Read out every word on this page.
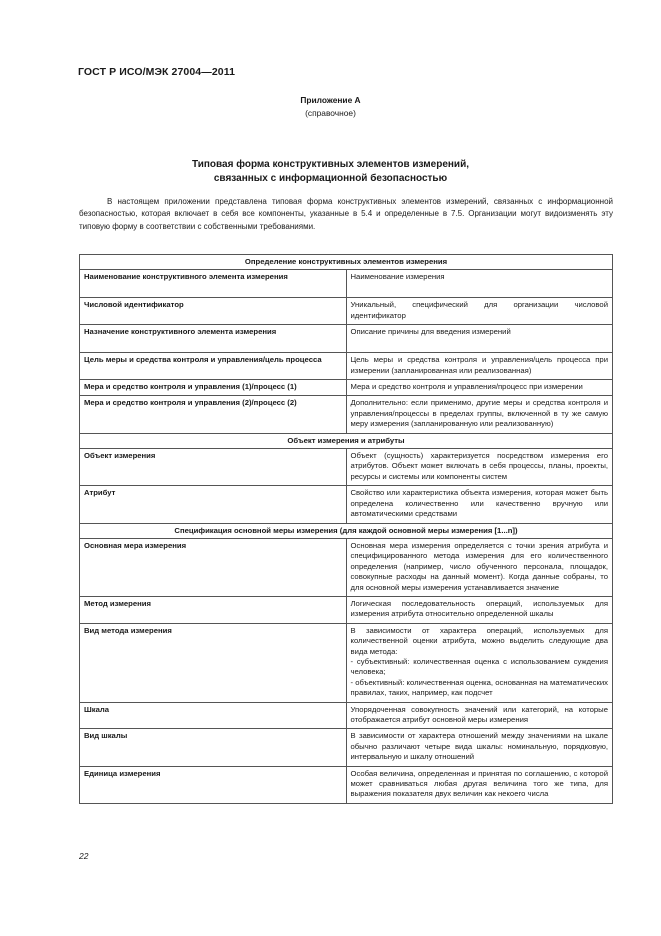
ГОСТ Р ИСО/МЭК 27004—2011
Приложение А
(справочное)
Типовая форма конструктивных элементов измерений,
связанных с информационной безопасностью
В настоящем приложении представлена типовая форма конструктивных элементов измерений, связанных с информационной безопасностью, которая включает в себя все компоненты, указанные в 5.4 и определенные в 7.5. Организации могут видоизменять эту типовую форму в соответствии с собственными требованиями.
Определение конструктивных элементов измерения	
Наименование конструктивного элемента измерения	Наименование измерения
Числовой идентификатор	Уникальный, специфический для организации числовой идентификатор
Назначение конструктивного элемента измерения	Описание причины для введения измерений
Цель меры и средства контроля и управления/цель процесса	Цель меры и средства контроля и управления/цель процесса при измерении (запланированная или реализованная)
Мера и средство контроля и управления (1)/процесс (1)	Мера и средство контроля и управления/процесс при измерении
Мера и средство контроля и управления (2)/процесс (2)	Дополнительно: если применимо, другие меры и средства контроля и управления/процессы в пределах группы, включенной в ту же самую меру измерения (запланированную или реализованную)
Объект измерения и атрибуты	
Объект измерения	Объект (сущность) характеризуется посредством измерения его атрибутов. Объект может включать в себя процессы, планы, проекты, ресурсы и системы или компоненты систем
Атрибут	Свойство или характеристика объекта измерения, которая может быть определена количественно или качественно вручную или автоматическими средствами
Спецификация основной меры измерения (для каждой основной меры измерения [1...n])	
Основная мера измерения	Основная мера измерения определяется с точки зрения атрибута и специфицированного метода измерения для его количественного определения (например, число обученного персонала, площадок, совокупные расходы на данный момент). Когда данные собраны, то для основной меры измерения устанавливается значение
Метод измерения	Логическая последовательность операций, используемых для измерения атрибута относительно определенной шкалы
Вид метода измерения	В зависимости от характера операций, используемых для количественной оценки атрибута, можно выделить следующие два вида метода:
- субъективный: количественная оценка с использованием суждения человека;
- объективный: количественная оценка, основанная на математических правилах, таких, например, как подсчет

Шкала	Упорядоченная совокупность значений или категорий, на которые отображается атрибут основной меры измерения
Вид шкалы	В зависимости от характера отношений между значениями на шкале обычно различают четыре вида шкалы: номинальную, порядковую, интервальную и шкалу отношений
Единица измерения	Особая величина, определенная и принятая по соглашению, с которой может сравниваться любая другая величина того же типа, для выражения показателя двух величин как некоего числа
22
